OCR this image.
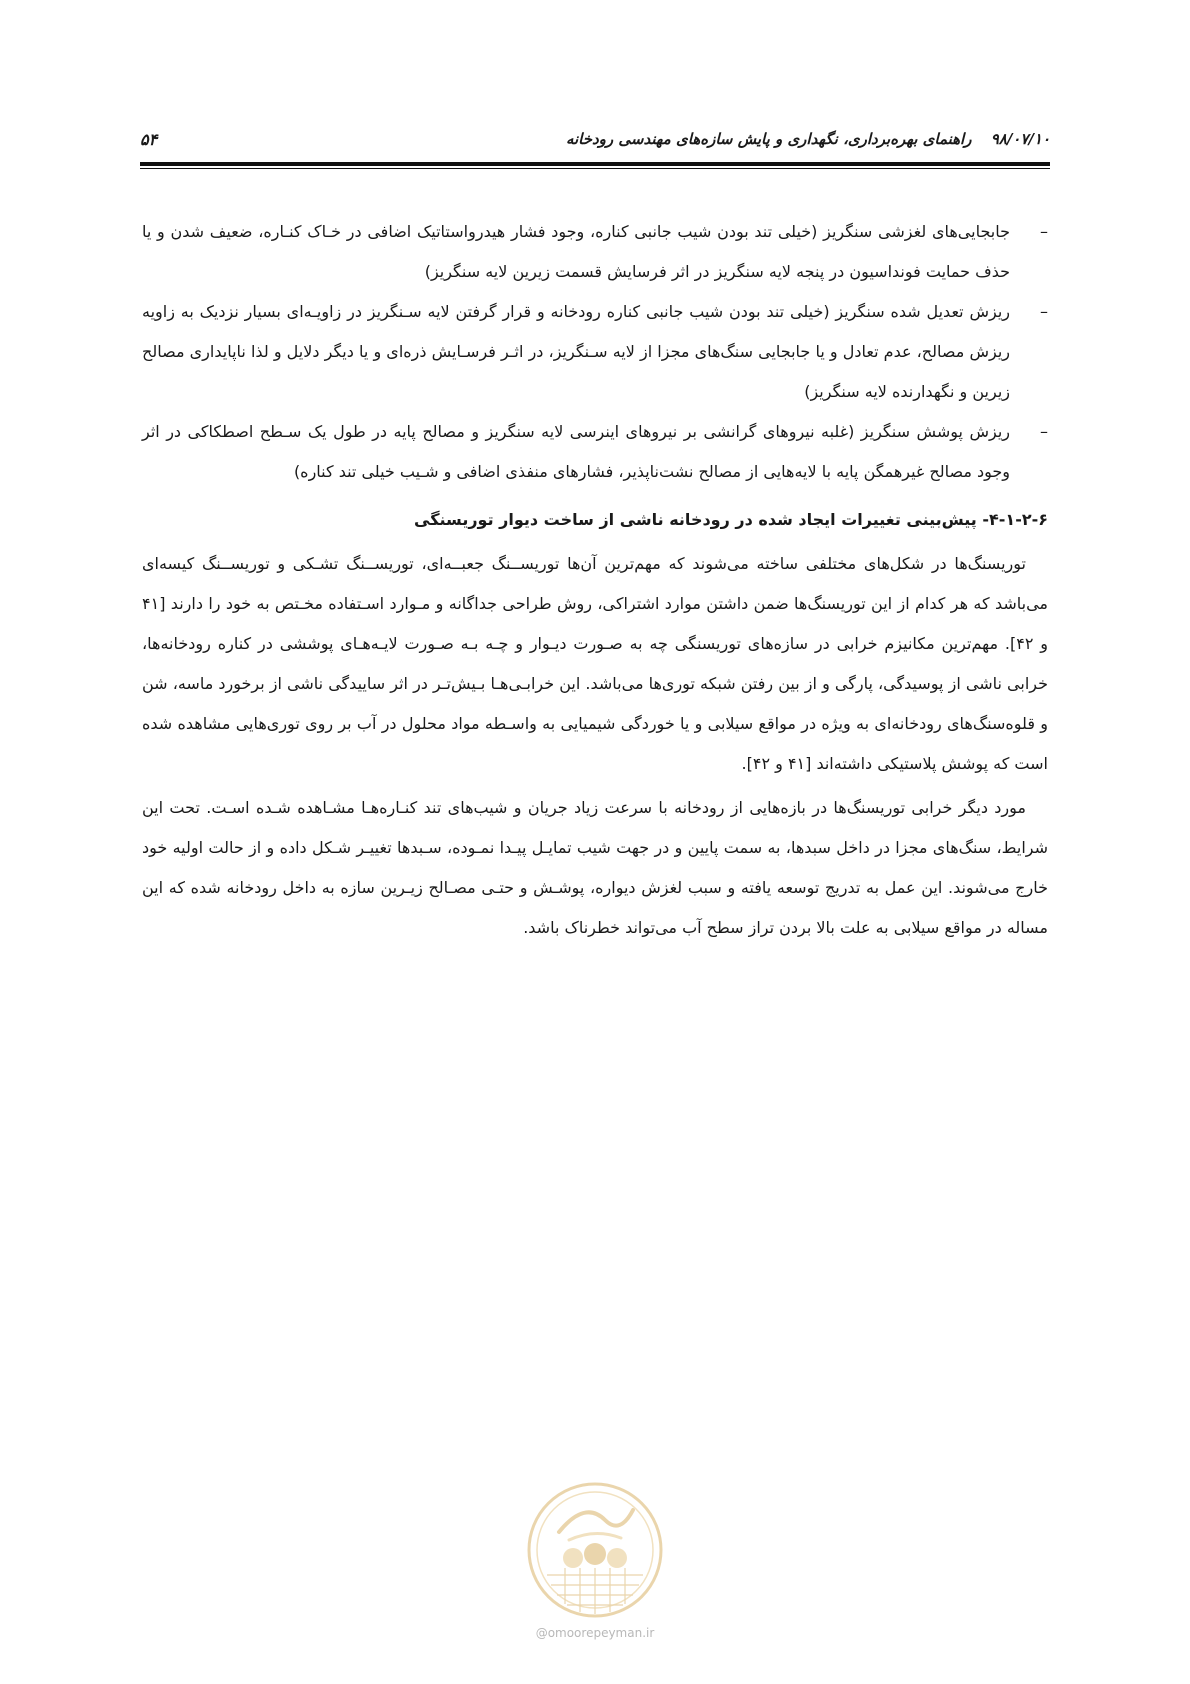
۹۸/۰۷/۱۰ راهنمای بهره‌برداری، نگهداری و پایش سازه‌های مهندسی رودخانه
۵۴
–
جابجایی‌های لغزشی سنگریز (خیلی تند بودن شیب جانبی کناره، وجود فشار هیدرواستاتیک اضافی در خـاک کنـاره، ضعیف شدن و یا حذف حمایت فونداسیون در پنجه لایه سنگریز در اثر فرسایش قسمت زیرین لایه سنگریز)
–
ریزش تعدیل شده سنگریز (خیلی تند بودن شیب جانبی کناره رودخانه و قرار گرفتن لایه سـنگریز در زاویـه‌ای بسیار نزدیک به زاویه ریزش مصالح، عدم تعادل و یا جابجایی سنگ‌های مجزا از لایه سـنگریز، در اثـر فرسـایش ذره‌ای و یا دیگر دلایل و لذا ناپایداری مصالح زیرین و نگهدارنده لایه سنگریز)
–
ریزش پوشش سنگریز (غلبه نیروهای گرانشی بر نیروهای اینرسی لایه سنگریز و مصالح پایه در طول یک سـطح اصطکاکی در اثر وجود مصالح غیرهمگن پایه با لایه‌هایی از مصالح نشت‌ناپذیر، فشارهای منفذی اضافی و شـیب خیلی تند کناره)
۴-۱-۲-۶- پیش‌بینی تغییرات ایجاد شده در رودخانه ناشی از ساخت دیوار توریسنگی

توریسنگ‌ها در شکل‌های مختلفی ساخته می‌شوند که مهم‌ترین آن‌ها توریســنگ جعبــه‌ای، توریســنگ تشـکی و توریســنگ کیسه‌ای می‌باشد که هر کدام از این توریسنگ‌ها ضمن داشتن موارد اشتراکی، روش طراحی جداگانه و مـوارد اسـتفاده مخـتص به خود را دارند [۴۱ و ۴۲]. مهم‌ترین مکانیزم خرابی در سازه‌های توریسنگی چه به صـورت دیـوار و چـه بـه صـورت لایـه‌هـای پوششی در کناره رودخانه‌ها، خرابی ناشی از پوسیدگی، پارگی و از بین رفتن شبکه توری‌ها می‌باشد. این خرابـی‌هـا بـیش‌تـر در اثر ساییدگی ناشی از برخورد ماسه، شن و قلوه‌سنگ‌های رودخانه‌ای به ویژه در مواقع سیلابی و یا خوردگی شیمیایی به واسـطه مواد محلول در آب بر روی توری‌هایی مشاهده شده است که پوشش پلاستیکی داشته‌اند [۴۱ و ۴۲].

مورد دیگر خرابی توریسنگ‌ها در بازه‌هایی از رودخانه با سرعت زیاد جریان و شیب‌های تند کنـاره‌هـا مشـاهده شـده اسـت. تحت این شرایط، سنگ‌های مجزا در داخل سبدها، به سمت پایین و در جهت شیب تمایـل پیـدا نمـوده، سـبدها تغییـر شـکل داده و از حالت اولیه خود خارج می‌شوند. این عمل به تدریج توسعه یافته و سبب لغزش دیواره، پوشـش و حتـی مصـالح زیـرین سازه به داخل رودخانه شده که این مساله در مواقع سیلابی به علت بالا بردن تراز سطح آب می‌تواند خطرناک باشد.

@omoorepeyman.ir
